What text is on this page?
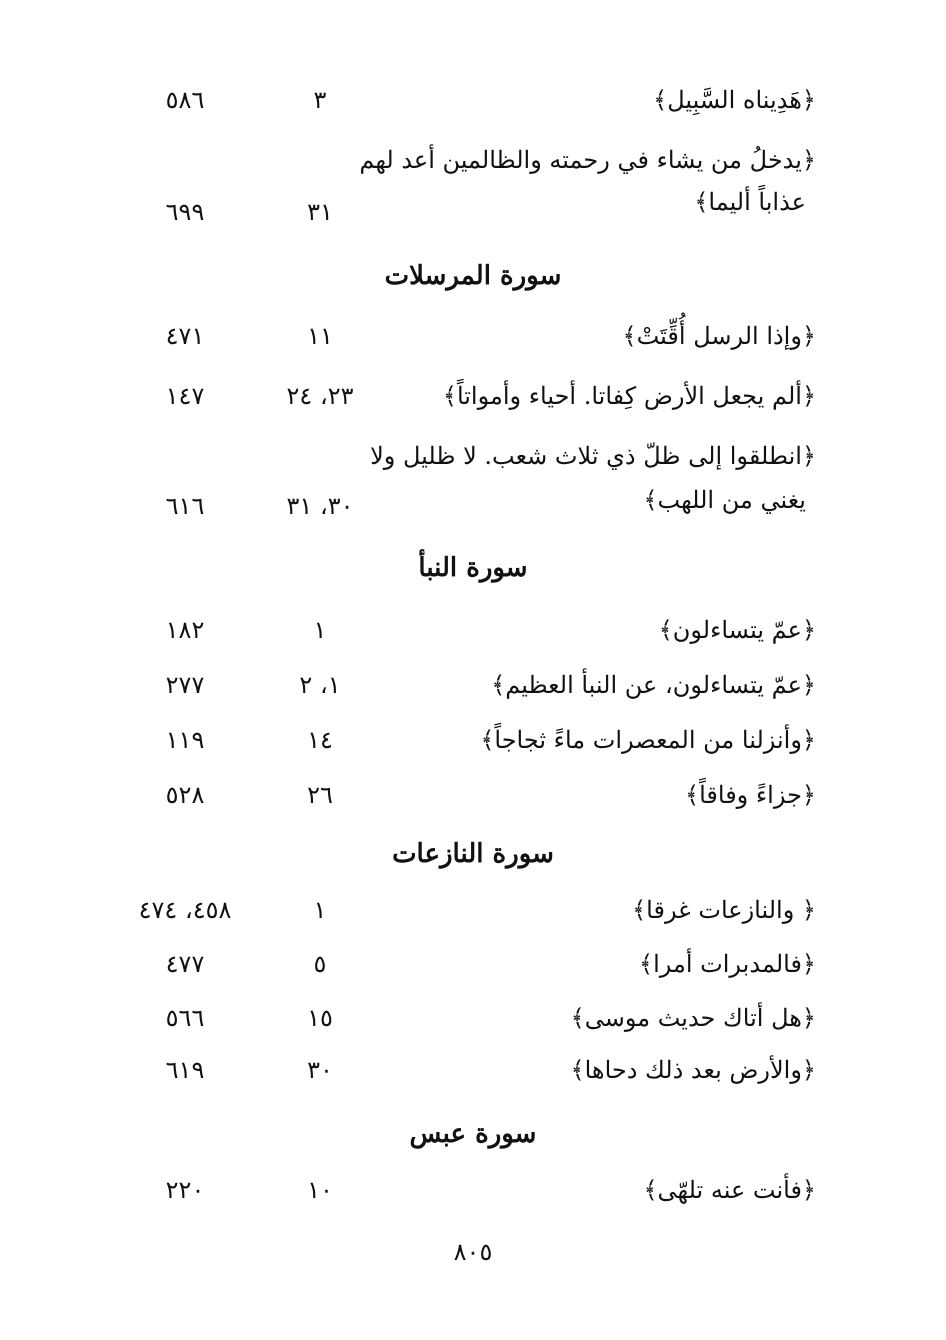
﴿هَدِيناه السَّبِيل﴾
٣
٥٨٦
﴿يدخلُ من يشاء في رحمته والظالمين أعد لهم
عذاباً أليما﴾
٣١
٦٩٩
سورة المرسلات
﴿وإذا الرسل أُقِّتَتْ﴾
١١
٤٧١
﴿ألم يجعل الأرض كِفاتا. أحياء وأمواتاً﴾
٢٣، ٢٤
١٤٧
﴿انطلقوا إلى ظلّ ذي ثلاث شعب. لا ظليل ولا
يغني من اللهب﴾
٣٠، ٣١
٦١٦
سورة النبأ
﴿عمّ يتساءلون﴾
١
١٨٢
﴿عمّ يتساءلون، عن النبأ العظيم﴾
١، ٢
٢٧٧
﴿وأنزلنا من المعصرات ماءً ثجاجاً﴾
١٤
١١٩
﴿جزاءً وفاقاً﴾
٢٦
٥٢٨
سورة النازعات
﴿ والنازعات غرقا﴾
١
٤٥٨، ٤٧٤
﴿فالمدبرات أمرا﴾
٥
٤٧٧
﴿هل أتاك حديث موسى﴾
١٥
٥٦٦
﴿والأرض بعد ذلك دحاها﴾
٣٠
٦١٩
سورة عبس
﴿فأنت عنه تلهّى﴾
١٠
٢٢٠
٨٠٥
